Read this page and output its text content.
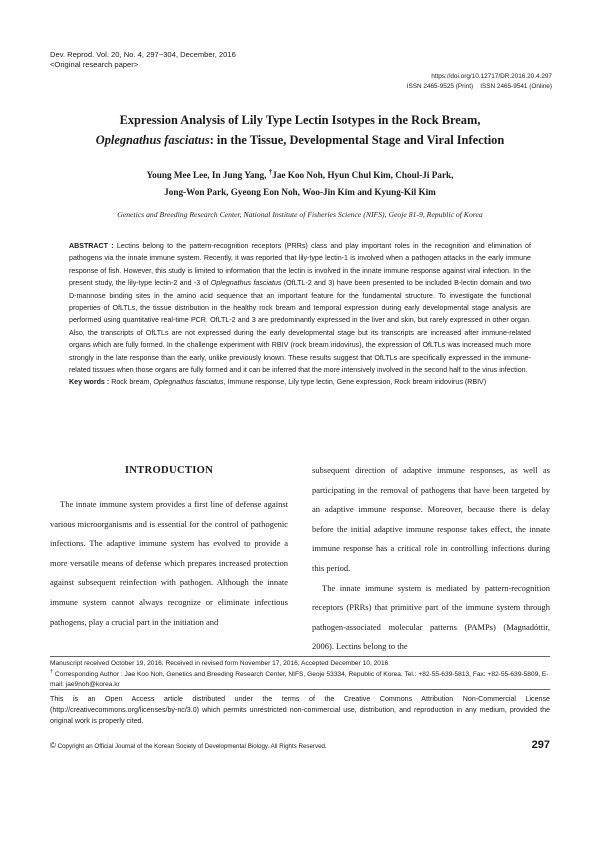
Dev. Reprod. Vol. 20, No. 4, 297~304, December, 2016
<Original research paper>
https://doi.org/10.12717/DR.2016.20.4.297
ISSN 2465-9525 (Print)    ISSN 2465-9541 (Online)
Expression Analysis of Lily Type Lectin Isotypes in the Rock Bream,
Oplegnathus fasciatus: in the Tissue, Developmental Stage and Viral Infection
Young Mee Lee, In Jung Yang, †Jae Koo Noh, Hyun Chul Kim, Choul-Ji Park,
Jong-Won Park, Gyeong Eon Noh, Woo-Jin Kim and Kyung-Kil Kim
Genetics and Breeding Research Center, National Institute of Fisheries Science (NIFS), Geoje 81-9, Republic of Korea
ABSTRACT : Lectins belong to the pattern-recognition receptors (PRRs) class and play important roles in the recognition and elimination of pathogens via the innate immune system. Recently, it was reported that lily-type lectin-1 is involved when a pathogen attacks in the early immune response of fish. However, this study is limited to information that the lectin is involved in the innate immune response against viral infection. In the present study, the lily-type lectin-2 and -3 of Oplegnathus fasciatus (OfLTL-2 and 3) have been presented to be included B-lectin domain and two D-mannose binding sites in the amino acid sequence that an important feature for the fundamental structure. To investigate the functional properties of OfLTLs, the tissue distribution in the healthy rock bream and temporal expression during early developmental stage analysis are performed using quantitative real-time PCR. OfLTL-2 and 3 are predominantly expressed in the liver and skin, but rarely expressed in other organ. Also, the transcripts of OfLTLs are not expressed during the early developmental stage but its transcripts are increased after immune-related organs which are fully formed. In the challenge experiment with RBIV (rock bream iridovirus), the expression of OfLTLs was increased much more strongly in the late response than the early, unlike previously known. These results suggest that OfLTLs are specifically expressed in the immune-related tissues when those organs are fully formed and it can be inferred that the more intensively involved in the second half to the virus infection.
Key words : Rock bream, Oplegnathus fasciatus, Immune response, Lily type lectin, Gene expression, Rock bream iridovirus (RBIV)
INTRODUCTION

The innate immune system provides a first line of defense against various microorganisms and is essential for the control of pathogenic infections. The adaptive immune system has evolved to provide a more versatile means of defense which prepares increased protection against subsequent reinfection with pathogen. Although the innate immune system cannot always recognize or eliminate infectious pathogens, play a crucial part in the initiation and

subsequent direction of adaptive immune responses, as well as participating in the removal of pathogens that have been targeted by an adaptive immune response. Moreover, because there is delay before the initial adaptive immune response takes effect, the innate immune response has a critical role in controlling infections during this period.

The innate immune system is mediated by pattern-recognition receptors (PRRs) that primitive part of the immune system through pathogen-associated molecular patterns (PAMPs) (Magnadóttir, 2006). Lectins belong to the

Manuscript received October 19, 2016, Received in revised form November 17, 2016, Accepted December 10, 2016
† Corresponding Author : Jae Koo Noh, Genetics and Breeding Research Center, NIFS, Geoje 53334, Republic of Korea. Tel.: +82-55-639-5813, Fax: +82-55-639-5809, E-mail: jae9noh@korea.kr
This is an Open Access article distributed under the terms of the Creative Commons Attribution Non-Commercial License (http://creativecommons.org/licenses/by-nc/3.0) which permits unrestricted non-commercial use, distribution, and reproduction in any medium, provided the original work is properly cited.
© Copyright an Official Journal of the Korean Society of Developmental Biology. All Rights Reserved.	297
